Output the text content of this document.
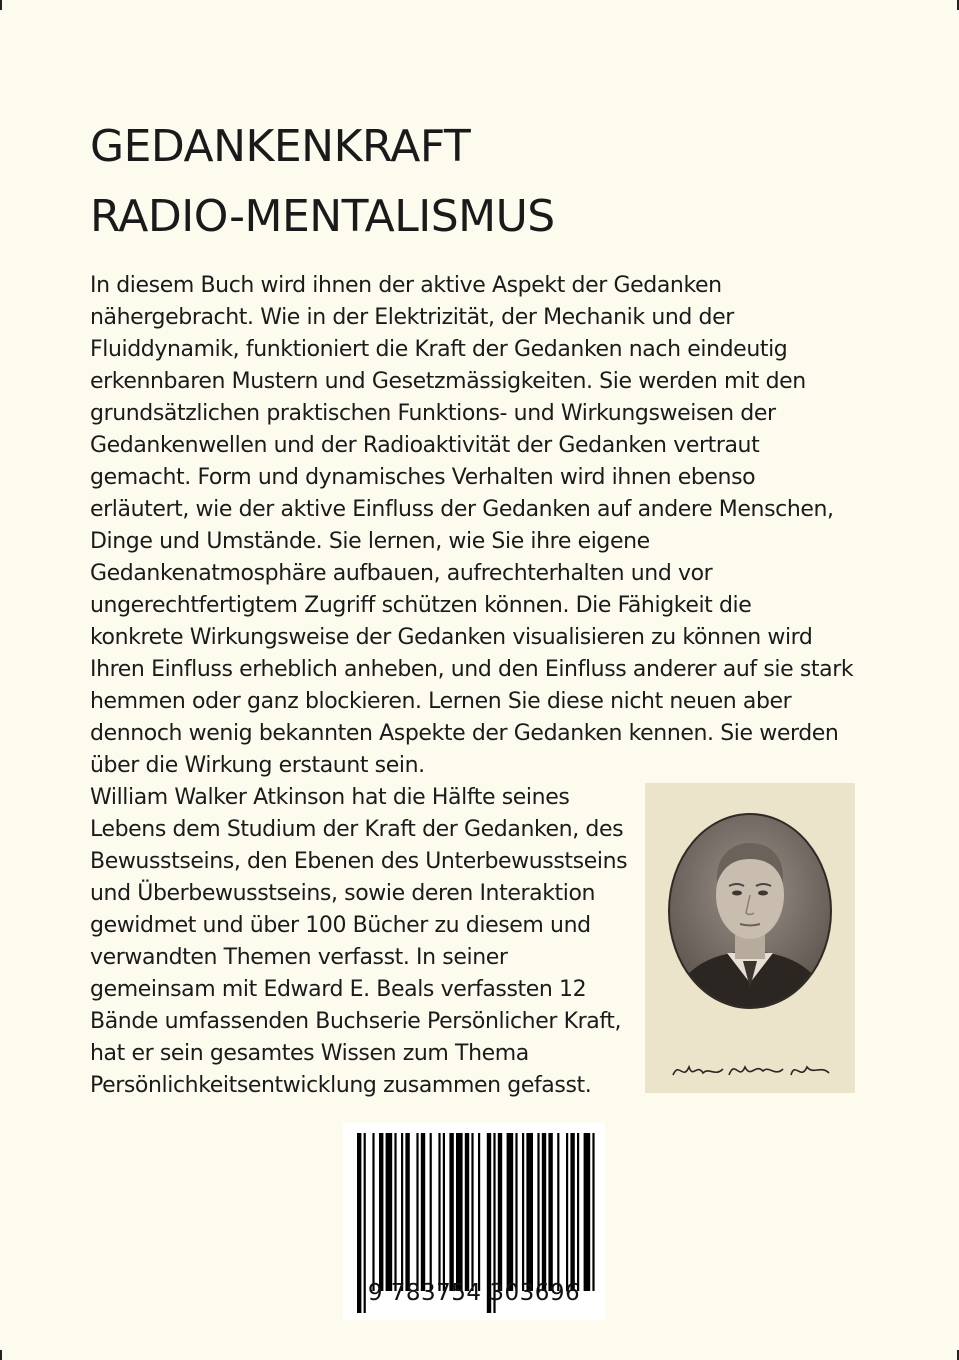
GEDANKENKRAFT
RADIO-MENTALISMUS
In diesem Buch wird ihnen der aktive Aspekt der Gedanken
nähergebracht. Wie in der Elektrizität, der Mechanik und der
Fluiddynamik, funktioniert die Kraft der Gedanken nach eindeutig
erkennbaren Mustern und Gesetzmässigkeiten. Sie werden mit den
grundsätzlichen praktischen Funktions- und Wirkungsweisen der
Gedankenwellen und der Radioaktivität der Gedanken vertraut
gemacht. Form und dynamisches Verhalten wird ihnen ebenso
erläutert, wie der aktive Einfluss der Gedanken auf andere Menschen,
Dinge und Umstände. Sie lernen, wie Sie ihre eigene
Gedankenatmosphäre aufbauen, aufrechterhalten und vor
ungerechtfertigtem Zugriff schützen können. Die Fähigkeit die
konkrete Wirkungsweise der Gedanken visualisieren zu können wird
Ihren Einfluss erheblich anheben, und den Einfluss anderer auf sie stark
hemmen oder ganz blockieren. Lernen Sie diese nicht neuen aber
dennoch wenig bekannten Aspekte der Gedanken kennen. Sie werden
über die Wirkung erstaunt sein.
William Walker Atkinson hat die Hälfte seines
Lebens dem Studium der Kraft der Gedanken, des
Bewusstseins, den Ebenen des Unterbewusstseins
und Überbewusstseins, sowie deren Interaktion
gewidmet und über 100 Bücher zu diesem und
verwandten Themen verfasst. In seiner
gemeinsam mit Edward E. Beals verfassten 12
Bände umfassenden Buchserie Persönlicher Kraft,
hat er sein gesamtes Wissen zum Thema
Persönlichkeitsentwicklung zusammen gefasst.
9 783754 303696
